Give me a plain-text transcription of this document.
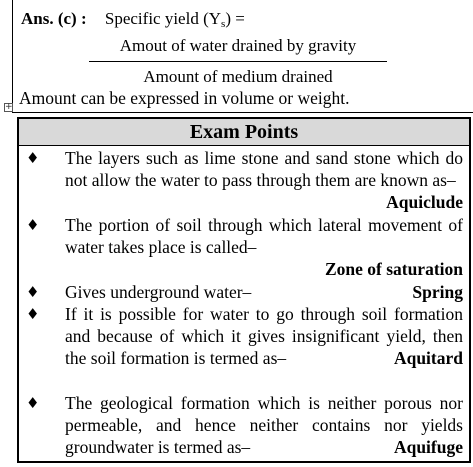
Ans. (c) : Specific yield $(Y_s)$ =
Amout of water drained by gravity
Amount of medium drained
+ Amount can be expressed in volume or weight.
Exam Points
♦ The layers such as lime stone and sand stone which do not allow the water to pass through them are known as–
Aquiclude
♦ The portion of soil through which lateral movement of water takes place is called–
Zone of saturation
♦ Gives underground water–	Spring
♦ If it is possible for water to go through soil formation and because of which it gives insignificant yield, then the soil formation is termed as–	Aquitard
♦ The geological formation which is neither porous nor permeable, and hence neither contains nor yields groundwater is termed as–	Aquifuge
